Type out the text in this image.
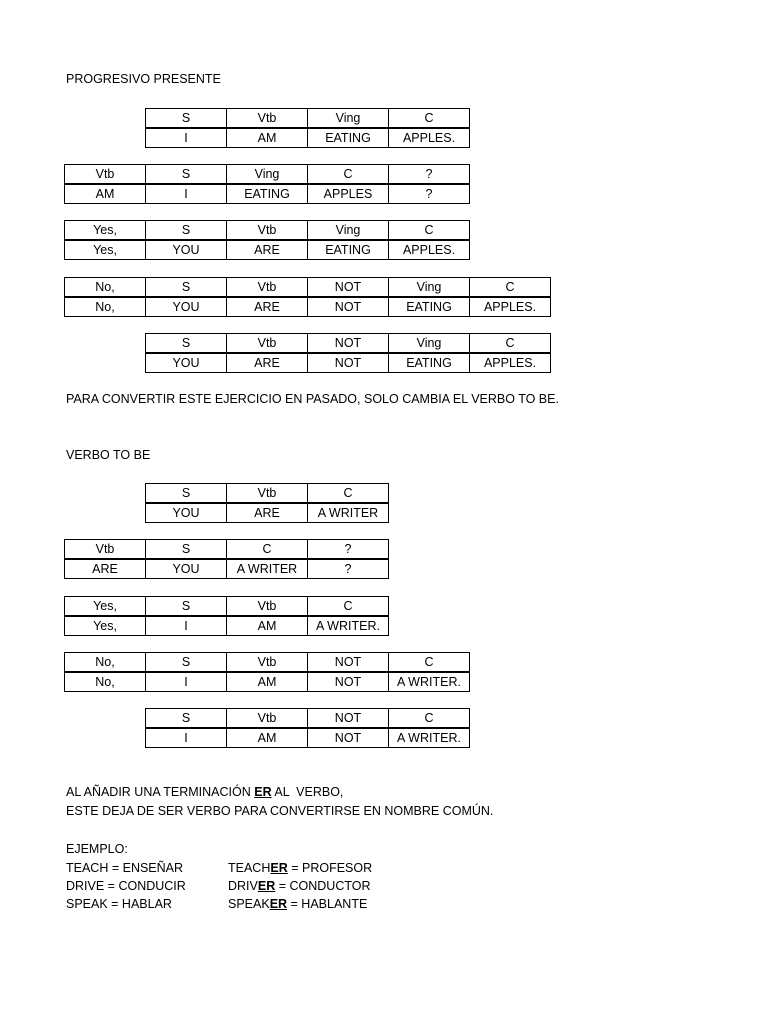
PROGRESIVO PRESENTE
S	Vtb	Ving	C
I	AM	EATING	APPLES.
Vtb	S	Ving	C	?
AM	I	EATING	APPLES	?
Yes,	S	Vtb	Ving	C
Yes,	YOU	ARE	EATING	APPLES.
No,	S	Vtb	NOT	Ving	C
No,	YOU	ARE	NOT	EATING	APPLES.
S	Vtb	NOT	Ving	C
YOU	ARE	NOT	EATING	APPLES.
PARA CONVERTIR ESTE EJERCICIO EN PASADO, SOLO CAMBIA EL VERBO TO BE.
VERBO TO BE
S	Vtb	C
YOU	ARE	A WRITER
Vtb	S	C	?
ARE	YOU	A WRITER	?
Yes,	S	Vtb	C
Yes,	I	AM	A WRITER.
No,	S	Vtb	NOT	C
No,	I	AM	NOT	A WRITER.
S	Vtb	NOT	C
I	AM	NOT	A WRITER.
AL AÑADIR UNA TERMINACIÓN ER AL  VERBO,
ESTE DEJA DE SER VERBO PARA CONVERTIRSE EN NOMBRE COMÚN.
EJEMPLO:
TEACH = ENSEÑAR
DRIVE = CONDUCIR
SPEAK = HABLAR
TEACHER = PROFESOR
DRIVER = CONDUCTOR
SPEAKER = HABLANTE
